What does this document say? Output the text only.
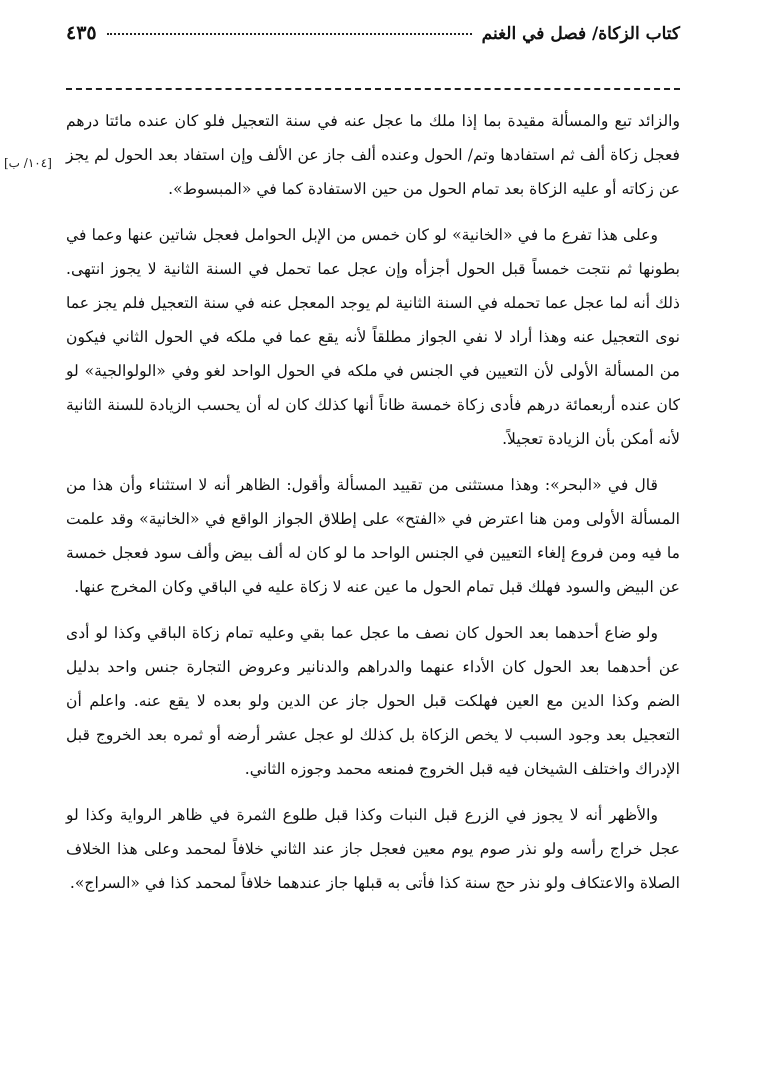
كتاب الزكاة/ فصل في الغنم
٤٣٥

والزائد تبع والمسألة مقيدة بما إذا ملك ما عجل عنه في سنة التعجيل فلو كان عنده مائتا درهم فعجل زكاة ألف ثم استفادها وتم/ الحول وعنده ألف جاز عن الألف وإن استفاد بعد الحول لم يجز عن زكاته أو عليه الزكاة بعد تمام الحول من حين الاستفادة كما في «المبسوط».

وعلى هذا تفرع ما في «الخانية» لو كان خمس من الإبل الحوامل فعجل شاتين عنها وعما في بطونها ثم نتجت خمساً قبل الحول أجزأه وإن عجل عما تحمل في السنة الثانية لا يجوز انتهى. ذلك أنه لما عجل عما تحمله في السنة الثانية لم يوجد المعجل عنه في سنة التعجيل فلم يجز عما نوى التعجيل عنه وهذا أراد لا نفي الجواز مطلقاً لأنه يقع عما في ملكه في الحول الثاني فيكون من المسألة الأولى لأن التعيين في الجنس في ملكه في الحول الواحد لغو وفي «الولوالجية» لو كان عنده أربعمائة درهم فأدى زكاة خمسة ظاناً أنها كذلك كان له أن يحسب الزيادة للسنة الثانية لأنه أمكن بأن الزيادة تعجيلاً.

قال في «البحر»: وهذا مستثنى من تقييد المسألة وأقول: الظاهر أنه لا استثناء وأن هذا من المسألة الأولى ومن هنا اعترض في «الفتح» على إطلاق الجواز الواقع في «الخانية» وقد علمت ما فيه ومن فروع إلغاء التعيين في الجنس الواحد ما لو كان له ألف بيض وألف سود فعجل خمسة عن البيض والسود فهلك قبل تمام الحول ما عين عنه لا زكاة عليه في الباقي وكان المخرج عنها.

ولو ضاع أحدهما بعد الحول كان نصف ما عجل عما بقي وعليه تمام زكاة الباقي وكذا لو أدى عن أحدهما بعد الحول كان الأداء عنهما والدراهم والدنانير وعروض التجارة جنس واحد بدليل الضم وكذا الدين مع العين فهلكت قبل الحول جاز عن الدين ولو بعده لا يقع عنه. واعلم أن التعجيل بعد وجود السبب لا يخص الزكاة بل كذلك لو عجل عشر أرضه أو ثمره بعد الخروج قبل الإدراك واختلف الشيخان فيه قبل الخروج فمنعه محمد وجوزه الثاني.

والأظهر أنه لا يجوز في الزرع قبل النبات وكذا قبل طلوع الثمرة في ظاهر الرواية وكذا لو عجل خراج رأسه ولو نذر صوم يوم معين فعجل جاز عند الثاني خلافاً لمحمد وعلى هذا الخلاف الصلاة والاعتكاف ولو نذر حج سنة كذا فأتى به قبلها جاز عندهما خلافاً لمحمد كذا في «السراج».

[١٠٤/ ب]
